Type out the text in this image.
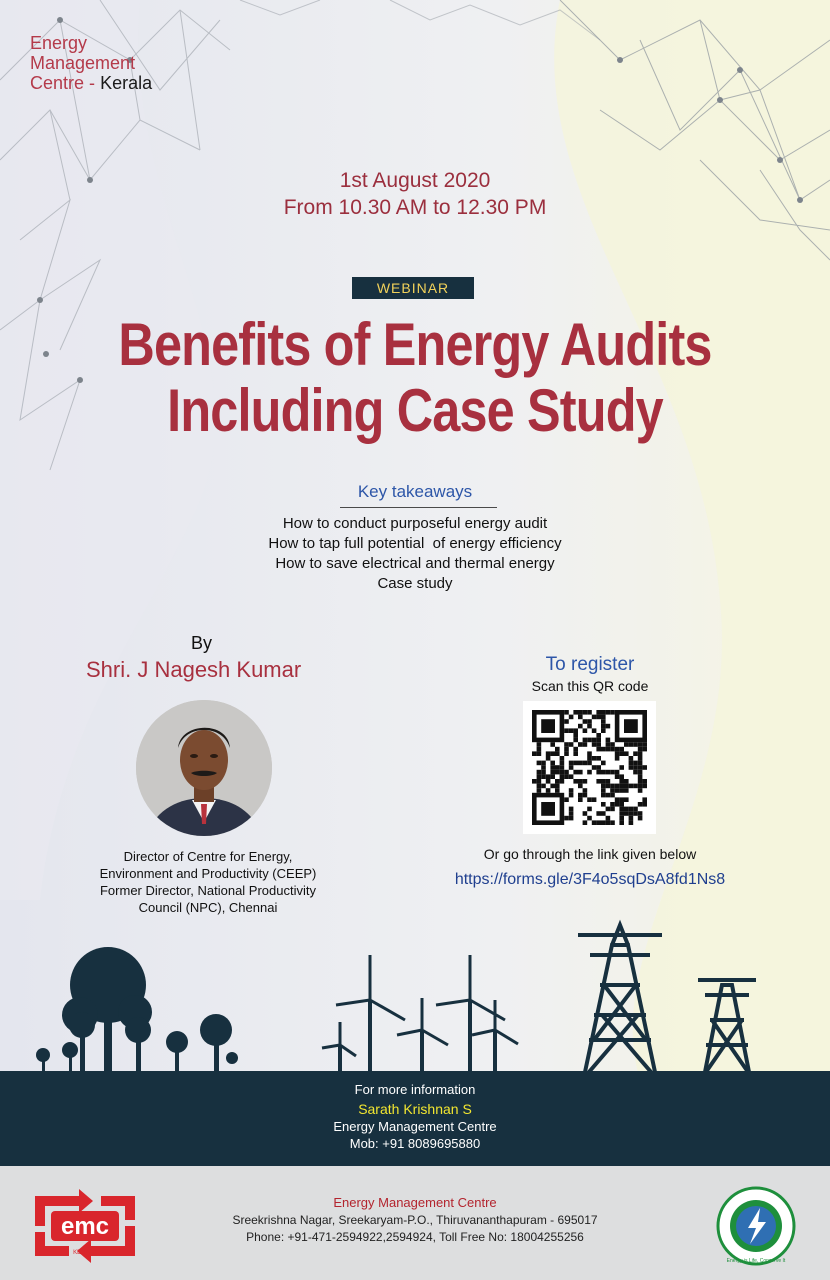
Energy
Management
Centre - Kerala
1st August 2020
From 10.30 AM to 12.30 PM
WEBINAR
Benefits of Energy Audits
Including Case Study
Key takeaways
How to conduct purposeful energy audit
How to tap full potential  of energy efficiency
How to save electrical and thermal energy
Case study
By
Shri. J Nagesh Kumar
Director of Centre for Energy,
Environment and Productivity (CEEP)
Former Director, National Productivity
Council (NPC), Chennai
To register
Scan this QR code
Or go through the link given below
https://forms.gle/3F4o5sqDsA8fd1Ns8
For more information
Sarath Krishnan S
Energy Management Centre
Mob: +91 8089695880
Energy Management Centre
Sreekrishna Nagar, Sreekaryam-P.O., Thiruvananthapuram - 695017
Phone: +91-471-2594922,2594924, Toll Free No: 18004255256
emc
KERALA
Energy is Life, Conserve It
